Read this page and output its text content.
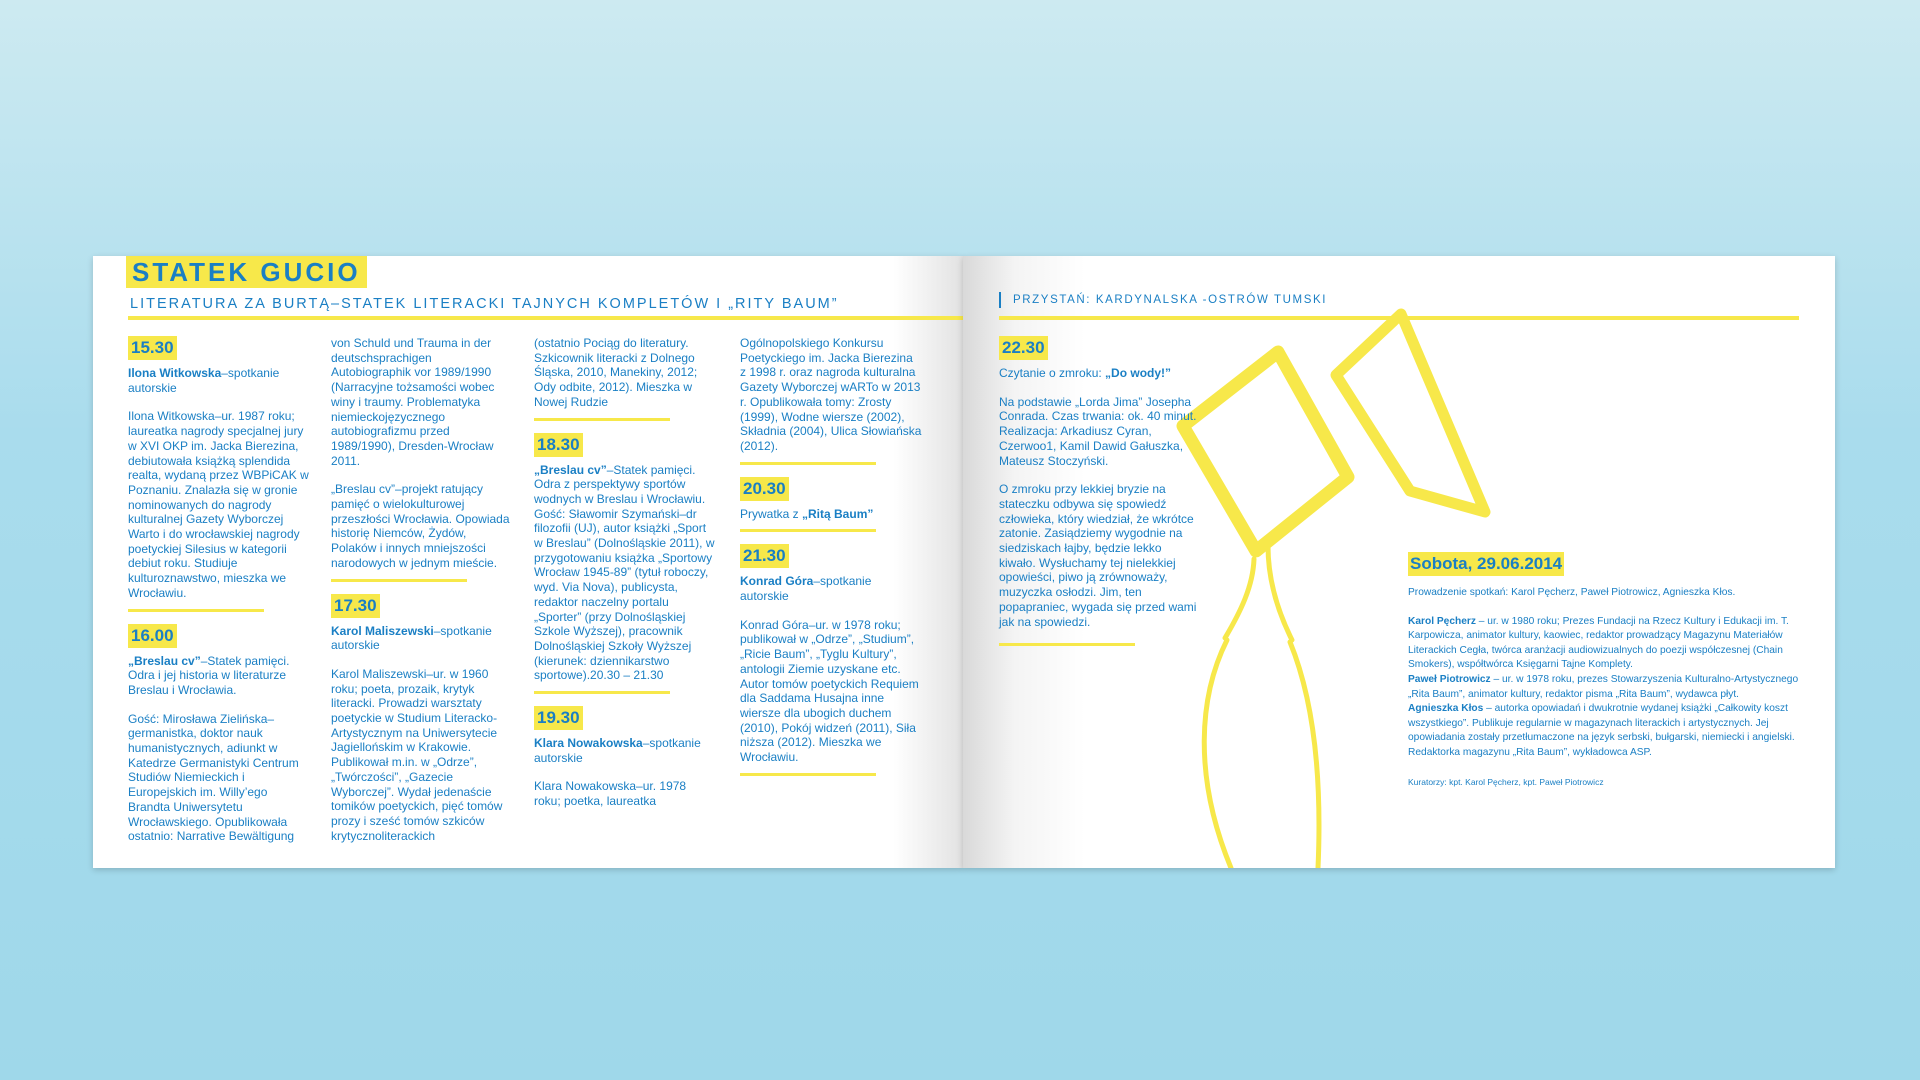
STATEK GUCIO
LITERATURA ZA BURTĄ–STATEK LITERACKI TAJNYCH KOMPLETÓW I „RITY BAUM”
15.30

Ilona Witkowska–spotkanie autorskie

Ilona Witkowska–ur. 1987 roku; laureatka nagrody specjalnej jury w XVI OKP im. Jacka Bierezina, debiutowała książką splendida realta, wydaną przez WBPiCAK w Poznaniu. Znalazła się w gronie nominowanych do nagrody kulturalnej Gazety Wyborczej Warto i do wrocławskiej nagrody poetyckiej Silesius w kategorii debiut roku. Studiuje kulturoznawstwo, mieszka we Wrocławiu.

16.00

„Breslau cv”–Statek pamięci. Odra i jej historia w literaturze Breslau i Wrocławia.

Gość: Mirosława Zielińska–germanistka, doktor nauk humanistycznych, adiunkt w Katedrze Germanistyki Centrum Studiów Niemieckich i Europejskich im. Willy’ego Brandta Uniwersytetu Wrocławskiego. Opublikowała ostatnio: Narrative Bewältigung

von Schuld und Trauma in der deutschsprachigen Autobiographik vor 1989/1990 (Narracyjne tożsamości wobec winy i traumy. Problematyka niemieckojęzycznego autobiografizmu przed 1989/1990), Dresden-Wrocław 2011.

„Breslau cv”–projekt ratujący pamięć o wielokulturowej przeszłości Wrocławia. Opowiada historię Niemców, Żydów, Polaków i innych mniejszości narodowych w jednym mieście.

17.30

Karol Maliszewski–spotkanie autorskie

Karol Maliszewski–ur. w 1960 roku; poeta, prozaik, krytyk literacki. Prowadzi warsztaty poetyckie w Studium Literacko-Artystycznym na Uniwersytecie Jagiellońskim w Krakowie. Publikował m.in. w „Odrze”, „Twórczości”, „Gazecie Wyborczej”. Wydał jedenaście tomików poetyckich, pięć tomów prozy i sześć tomów szkiców krytycznoliterackich

(ostatnio Pociąg do literatury. Szkicownik literacki z Dolnego Śląska, 2010, Manekiny, 2012; Ody odbite, 2012). Mieszka w Nowej Rudzie

18.30

„Breslau cv”–Statek pamięci. Odra z perspektywy sportów wodnych w Breslau i Wrocławiu. Gość: Sławomir Szymański–dr filozofii (UJ), autor książki „Sport w Breslau” (Dolnośląskie 2011), w przygotowaniu książka „Sportowy Wrocław 1945-89” (tytuł roboczy, wyd. Via Nova), publicysta, redaktor naczelny portalu „Sporter” (przy Dolnośląskiej Szkole Wyższej), pracownik Dolnośląskiej Szkoły Wyższej (kierunek: dziennikarstwo sportowe).20.30 – 21.30

19.30

Klara Nowakowska–spotkanie autorskie

Klara Nowakowska–ur. 1978 roku; poetka, laureatka

Ogólnopolskiego Konkursu Poetyckiego im. Jacka Bierezina z 1998 r. oraz nagroda kulturalna Gazety Wyborczej wARTo w 2013 r. Opublikowała tomy: Zrosty (1999), Wodne wiersze (2002), Składnia (2004), Ulica Słowiańska (2012).

20.30

Prywatka z „Ritą Baum”

21.30

Konrad Góra–spotkanie autorskie

Konrad Góra–ur. w 1978 roku; publikował w „Odrze”, „Studium”, „Ricie Baum”, „Tyglu Kultury”, antologii Ziemie uzyskane etc. Autor tomów poetyckich Requiem dla Saddama Husajna inne wiersze dla ubogich duchem (2010), Pokój widzeń (2011), Siła niższa (2012). Mieszka we Wrocławiu.

PRZYSTAŃ: KARDYNALSKA -OSTRÓW TUMSKI
22.30

Czytanie o zmroku: „Do wody!”

Na podstawie „Lorda Jima” Josepha Conrada. Czas trwania: ok. 40 minut. Realizacja: Arkadiusz Cyran, Czerwoo1, Kamil Dawid Gałuszka, Mateusz Stoczyński.

O zmroku przy lekkiej bryzie na stateczku odbywa się spowiedź człowieka, który wiedział, że wkrótce zatonie. Zasiądziemy wygodnie na siedziskach łajby, będzie lekko kiwało. Wysłuchamy tej nielekkiej opowieści, piwo ją zrównoważy, muzyczka osłodzi. Jim, ten popapraniec, wygada się przed wami jak na spowiedzi.

Sobota, 29.06.2014

Prowadzenie spotkań: Karol Pęcherz, Paweł Piotrowicz, Agnieszka Kłos.

Karol Pęcherz – ur. w 1980 roku; Prezes Fundacji na Rzecz Kultury i Edukacji im. T. Karpowicza, animator kultury, kaowiec, redaktor prowadzący Magazynu Materiałów Literackich Cegła, twórca aranżacji audiowizualnych do poezji współczesnej (Chain Smokers), współtwórca Księgarni Tajne Komplety.

Paweł Piotrowicz – ur. w 1978 roku, prezes Stowarzyszenia Kulturalno-Artystycznego „Rita Baum”, animator kultury, redaktor pisma „Rita Baum”, wydawca płyt.

Agnieszka Kłos – autorka opowiadań i dwukrotnie wydanej książki „Całkowity koszt wszystkiego”. Publikuje regularnie w magazynach literackich i artystycznych. Jej opowiadania zostały przetłumaczone na język serbski, bułgarski, niemiecki i angielski. Redaktorka magazynu „Rita Baum”, wykładowca ASP.

Kuratorzy: kpt. Karol Pęcherz, kpt. Paweł Piotrowicz
